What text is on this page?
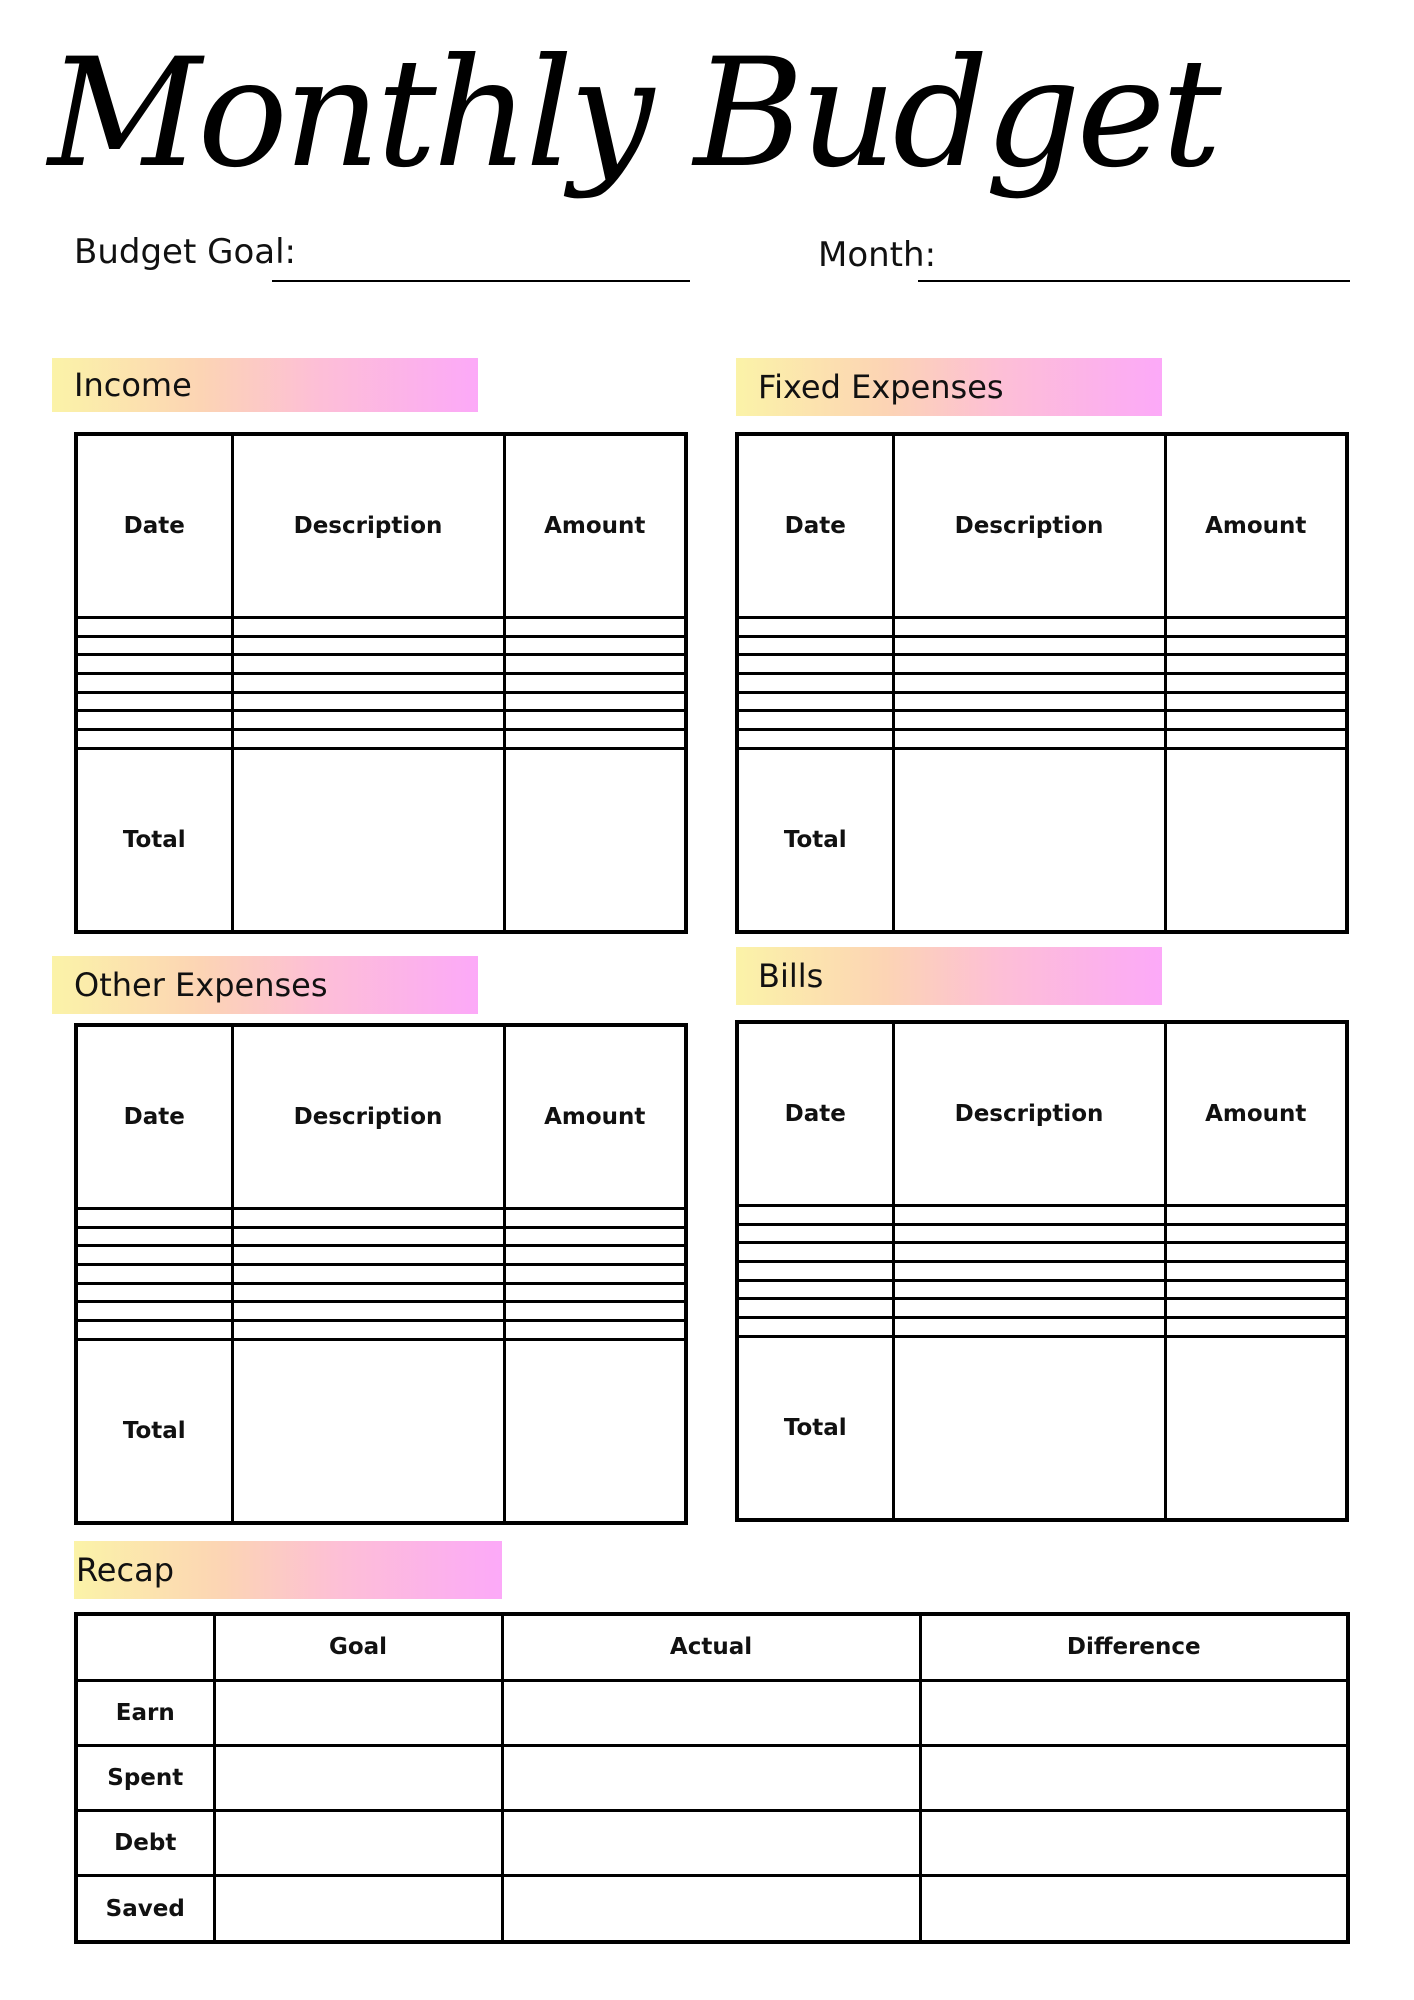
Monthly Budget
Budget Goal:	Month:
Income
Date	Description	Amount

Total		
Fixed Expenses
Date	Description	Amount

Total		
Other Expenses
Date	Description	Amount

Total		
Bills
Date	Description	Amount

Total		
Recap
	Goal	Actual	Difference
Earn			
Spent			
Debt			
Saved			
